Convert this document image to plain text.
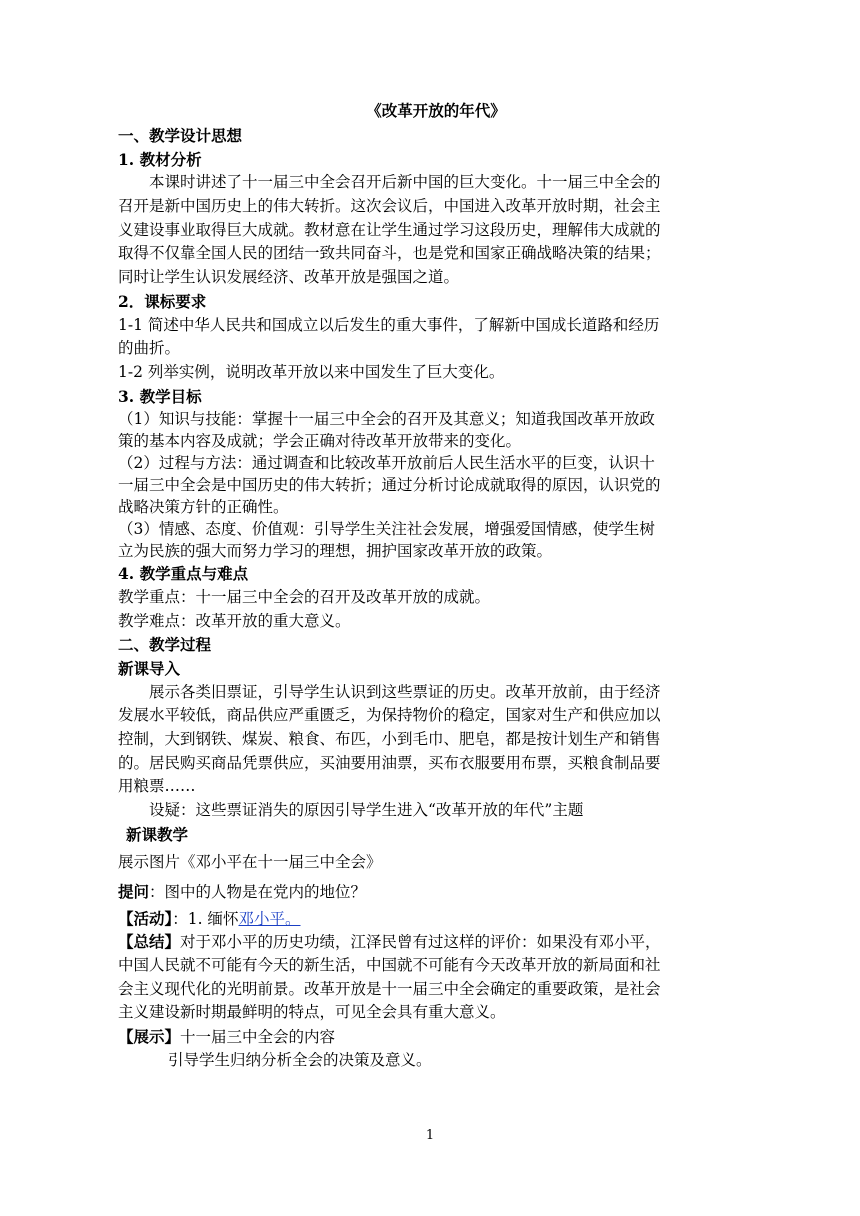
《改革开放的年代》
一、教学设计思想
1. 教材分析
本课时讲述了十一届三中全会召开后新中国的巨大变化。十一届三中全会的
召开是新中国历史上的伟大转折。这次会议后，中国进入改革开放时期，社会主
义建设事业取得巨大成就。教材意在让学生通过学习这段历史，理解伟大成就的
取得不仅靠全国人民的团结一致共同奋斗，也是党和国家正确战略决策的结果；
同时让学生认识发展经济、改革开放是强国之道。
2．课标要求
1-1 简述中华人民共和国成立以后发生的重大事件，了解新中国成长道路和经历
的曲折。
1-2 列举实例，说明改革开放以来中国发生了巨大变化。
3. 教学目标
（1）知识与技能：掌握十一届三中全会的召开及其意义；知道我国改革开放政
策的基本内容及成就；学会正确对待改革开放带来的变化。
（2）过程与方法：通过调查和比较改革开放前后人民生活水平的巨变，认识十
一届三中全会是中国历史的伟大转折；通过分析讨论成就取得的原因，认识党的
战略决策方针的正确性。
（3）情感、态度、价值观：引导学生关注社会发展，增强爱国情感，使学生树
立为民族的强大而努力学习的理想，拥护国家改革开放的政策。
4. 教学重点与难点
教学重点：十一届三中全会的召开及改革开放的成就。
教学难点：改革开放的重大意义。
二、教学过程
新课导入
展示各类旧票证，引导学生认识到这些票证的历史。改革开放前，由于经济
发展水平较低，商品供应严重匮乏，为保持物价的稳定，国家对生产和供应加以
控制，大到钢铁、煤炭、粮食、布匹，小到毛巾、肥皂，都是按计划生产和销售
的。居民购买商品凭票供应，买油要用油票，买布衣服要用布票，买粮食制品要
用粮票……
设疑：这些票证消失的原因引导学生进入“改革开放的年代”主题
新课教学
展示图片《邓小平在十一届三中全会》
提问：图中的人物是在党内的地位？
【活动】：1. 缅怀邓小平。
【总结】对于邓小平的历史功绩，江泽民曾有过这样的评价：如果没有邓小平，
中国人民就不可能有今天的新生活，中国就不可能有今天改革开放的新局面和社
会主义现代化的光明前景。改革开放是十一届三中全会确定的重要政策，是社会
主义建设新时期最鲜明的特点，可见全会具有重大意义。
【展示】十一届三中全会的内容
引导学生归纳分析全会的决策及意义。
1
